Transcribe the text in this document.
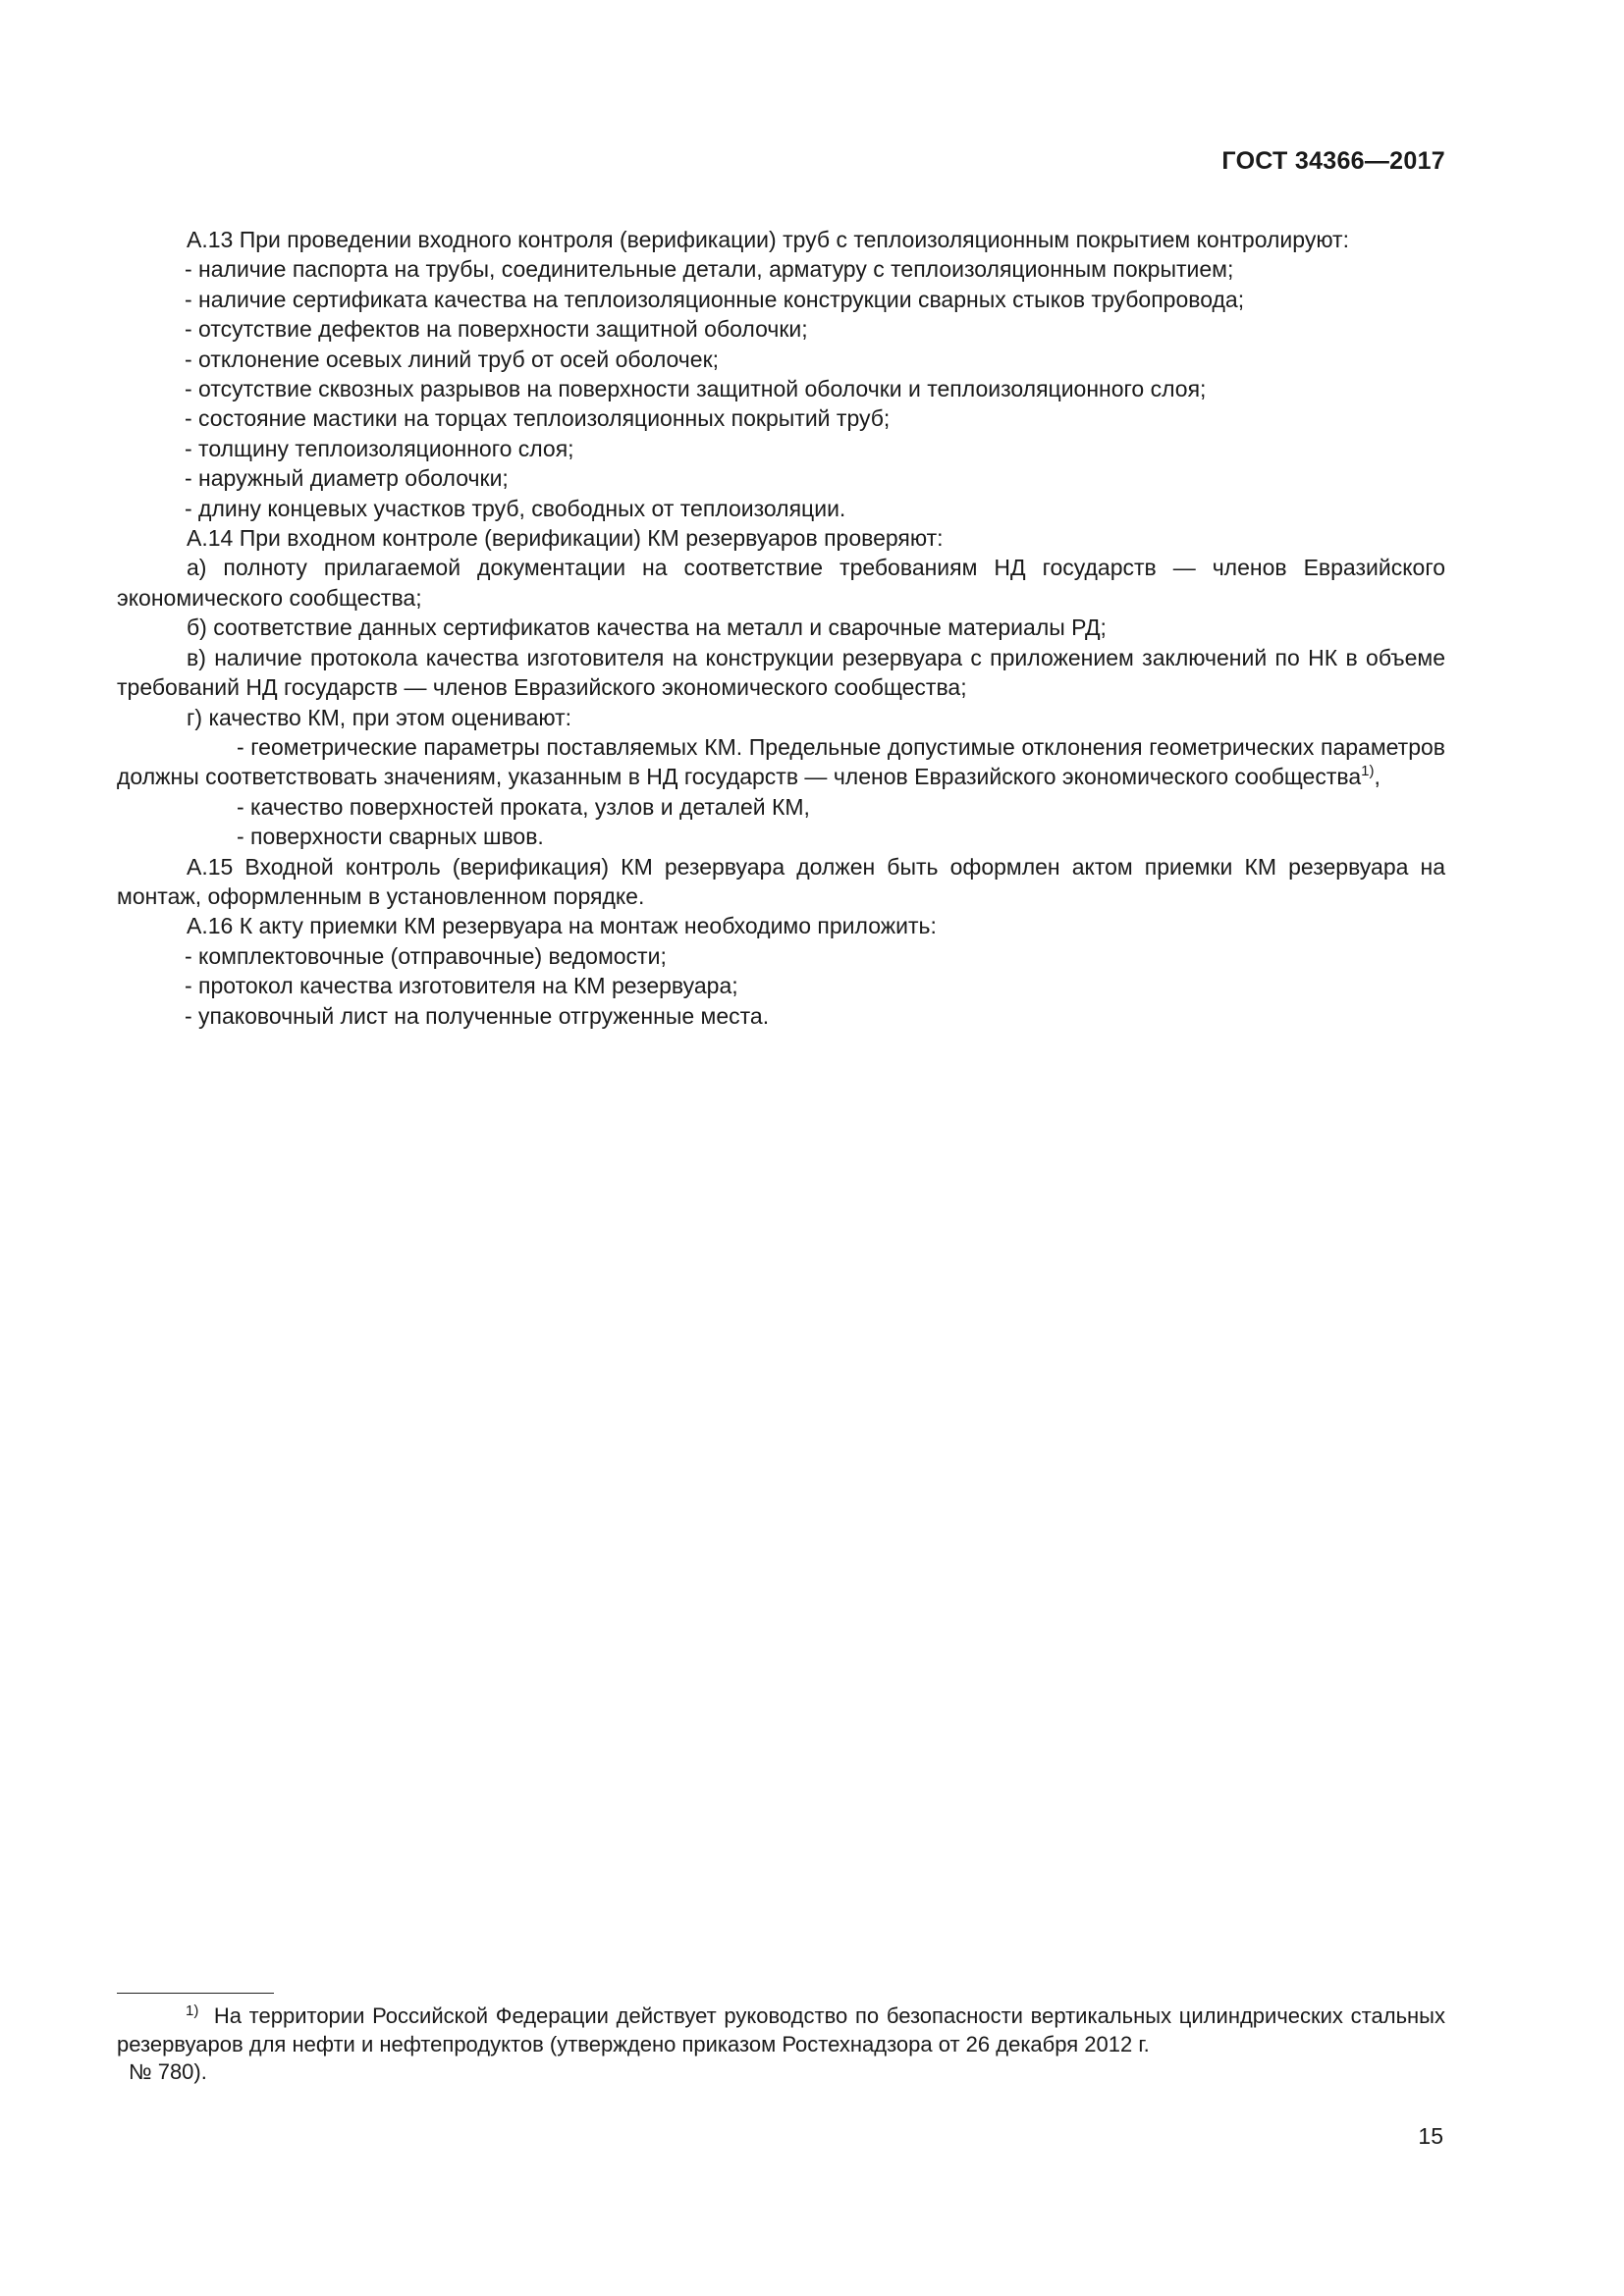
ГОСТ 34366—2017

А.13 При проведении входного контроля (верификации) труб с теплоизоляционным покрытием контролируют:

- наличие паспорта на трубы, соединительные детали, арматуру с теплоизоляционным покрытием;

- наличие сертификата качества на теплоизоляционные конструкции сварных стыков трубопровода;

- отсутствие дефектов на поверхности защитной оболочки;

- отклонение осевых линий труб от осей оболочек;

- отсутствие сквозных разрывов на поверхности защитной оболочки и теплоизоляционного слоя;

- состояние мастики на торцах теплоизоляционных покрытий труб;

- толщину теплоизоляционного слоя;

- наружный диаметр оболочки;

- длину концевых участков труб, свободных от теплоизоляции.

А.14 При входном контроле (верификации) КМ резервуаров проверяют:

а) полноту прилагаемой документации на соответствие требованиям НД государств — членов Евразийского экономического сообщества;

б) соответствие данных сертификатов качества на металл и сварочные материалы РД;

в) наличие протокола качества изготовителя на конструкции резервуара с приложением заключений по НК в объеме требований НД государств — членов Евразийского экономического сообщества;

г) качество КМ, при этом оценивают:

- геометрические параметры поставляемых КМ. Предельные допустимые отклонения геометрических параметров должны соответствовать значениям, указанным в НД государств — членов Евразийского экономического сообщества$^{1)}$,

- качество поверхностей проката, узлов и деталей КМ,

- поверхности сварных швов.

А.15 Входной контроль (верификация) КМ резервуара должен быть оформлен актом приемки КМ резервуара на монтаж, оформленным в установленном порядке.

А.16 К акту приемки КМ резервуара на монтаж необходимо приложить:

- комплектовочные (отправочные) ведомости;

- протокол качества изготовителя на КМ резервуара;

- упаковочный лист на полученные отгруженные места.

$^{1)}$ На территории Российской Федерации действует руководство по безопасности вертикальных цилиндрических стальных резервуаров для нефти и нефтепродуктов (утверждено приказом Ростехнадзора от 26 декабря 2012 г.

№ 780).

15
